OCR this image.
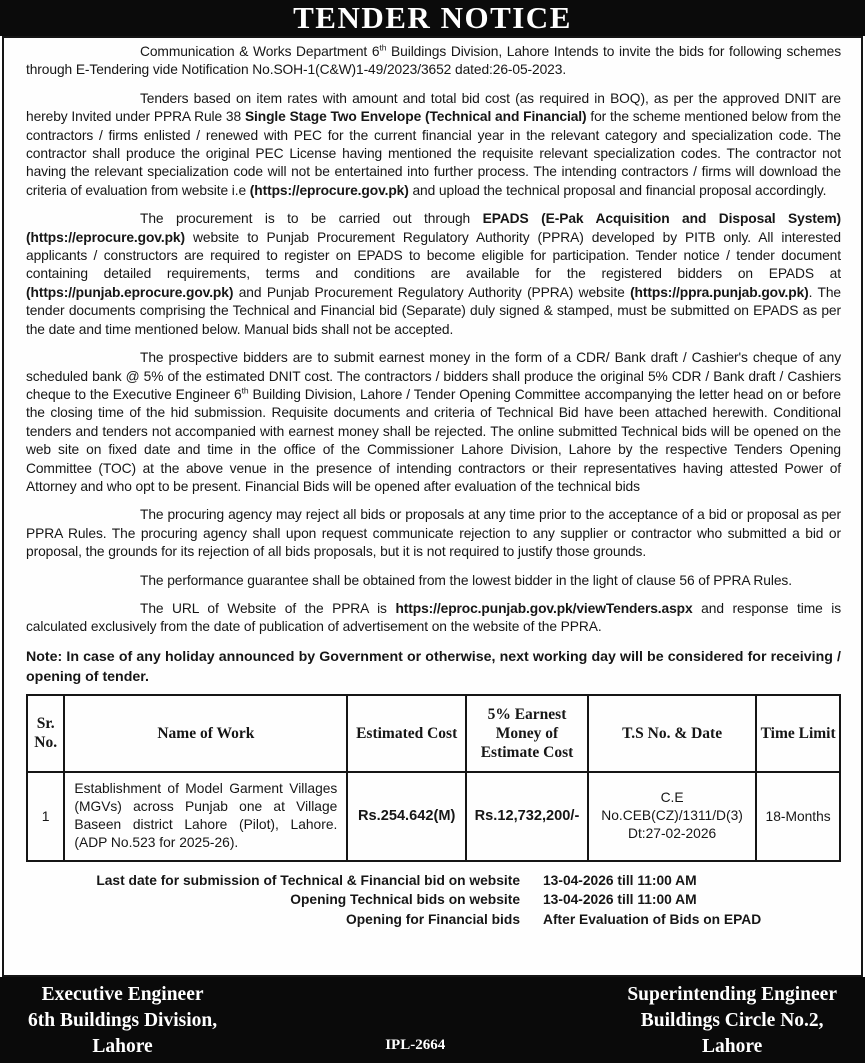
TENDER NOTICE

Communication & Works Department 6th Buildings Division, Lahore Intends to invite the bids for following schemes through E-Tendering vide Notification No.SOH-1(C&W)1-49/2023/3652 dated:26-05-2023.

Tenders based on item rates with amount and total bid cost (as required in BOQ), as per the approved DNIT are hereby Invited under PPRA Rule 38 Single Stage Two Envelope (Technical and Financial) for the scheme mentioned below from the contractors / firms enlisted / renewed with PEC for the current financial year in the relevant category and specialization code. The contractor shall produce the original PEC License having mentioned the requisite relevant specialization codes. The contractor not having the relevant specialization code will not be entertained into further process. The intending contractors / firms will download the criteria of evaluation from website i.e (https://eprocure.gov.pk) and upload the technical proposal and financial proposal accordingly.

The procurement is to be carried out through EPADS (E-Pak Acquisition and Disposal System) (https://eprocure.gov.pk) website to Punjab Procurement Regulatory Authority (PPRA) developed by PITB only. All interested applicants / constructors are required to register on EPADS to become eligible for participation. Tender notice / tender document containing detailed requirements, terms and conditions are available for the registered bidders on EPADS at (https://punjab.eprocure.gov.pk) and Punjab Procurement Regulatory Authority (PPRA) website (https://ppra.punjab.gov.pk). The tender documents comprising the Technical and Financial bid (Separate) duly signed & stamped, must be submitted on EPADS as per the date and time mentioned below. Manual bids shall not be accepted.

The prospective bidders are to submit earnest money in the form of a CDR/ Bank draft / Cashier's cheque of any scheduled bank @ 5% of the estimated DNIT cost. The contractors / bidders shall produce the original 5% CDR / Bank draft / Cashiers cheque to the Executive Engineer 6th Building Division, Lahore / Tender Opening Committee accompanying the letter head on or before the closing time of the hid submission. Requisite documents and criteria of Technical Bid have been attached herewith. Conditional tenders and tenders not accompanied with earnest money shall be rejected. The online submitted Technical bids will be opened on the web site on fixed date and time in the office of the Commissioner Lahore Division, Lahore by the respective Tenders Opening Committee (TOC) at the above venue in the presence of intending contractors or their representatives having attested Power of Attorney and who opt to be present. Financial Bids will be opened after evaluation of the technical bids

The procuring agency may reject all bids or proposals at any time prior to the acceptance of a bid or proposal as per PPRA Rules. The procuring agency shall upon request communicate rejection to any supplier or contractor who submitted a bid or proposal, the grounds for its rejection of all bids proposals, but it is not required to justify those grounds.

The performance guarantee shall be obtained from the lowest bidder in the light of clause 56 of PPRA Rules.

The URL of Website of the PPRA is https://eproc.punjab.gov.pk/viewTenders.aspx and response time is calculated exclusively from the date of publication of advertisement on the website of the PPRA.

Note: In case of any holiday announced by Government or otherwise, next working day will be considered for receiving / opening of tender.

Sr. No.	Name of Work	Estimated Cost	5% Earnest Money of Estimate Cost	T.S No. & Date	Time Limit
1	Establishment of Model Garment Villages (MGVs) across Punjab one at Village Baseen district Lahore (Pilot), Lahore. (ADP No.523 for 2025-26).	Rs.254.642(M)	Rs.12,732,200/-	C.E
No.CEB(CZ)/1311/D(3)
Dt:27-02-2026	18-Months
Last date for submission of Technical & Financial bid on website 13-04-2026 till 11:00 AM
Opening Technical bids on website 13-04-2026 till 11:00 AM
Opening for Financial bids After Evaluation of Bids on EPAD
Executive Engineer
6th Buildings Division,
Lahore	IPL-2664
Superintending Engineer
Buildings Circle No.2,
Lahore
